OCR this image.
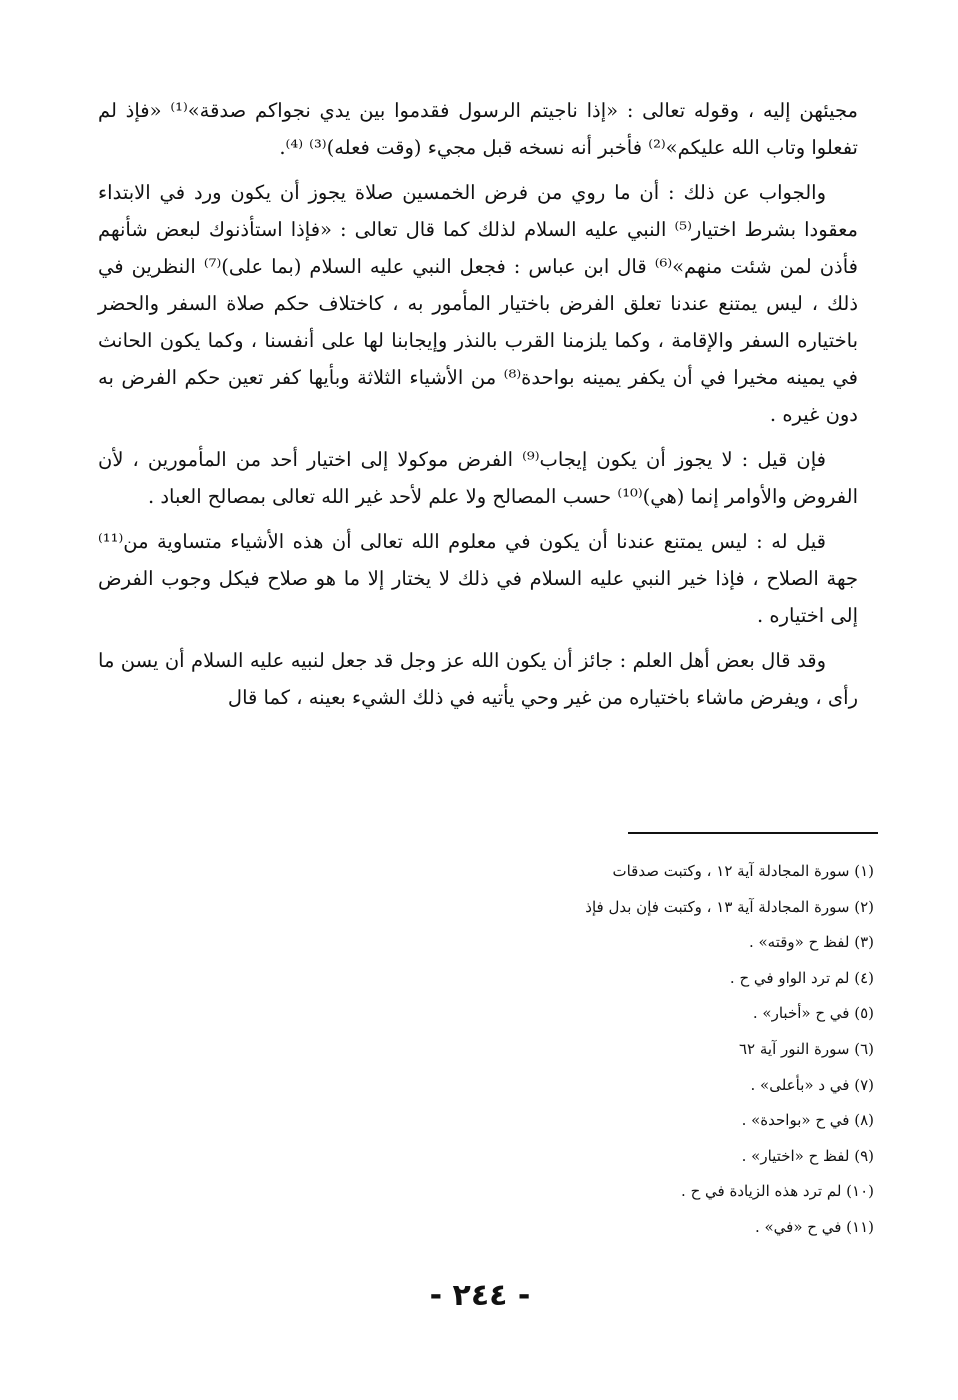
مجيئهن إليه ، وقوله تعالى : «إذا ناجيتم الرسول فقدموا بين يدي نجواكم صدقة»⁽¹⁾ «فإذ لم تفعلوا وتاب الله عليكم»⁽²⁾ فأخبر أنه نسخه قبل مجيء (وقت فعله)⁽³⁾ ⁽⁴⁾.

والجواب عن ذلك : أن ما روي من فرض الخمسين صلاة يجوز أن يكون ورد في الابتداء معقودا بشرط اختيار⁽⁵⁾ النبي عليه السلام لذلك كما قال تعالى : «فإذا استأذنوك لبعض شأنهم فأذن لمن شئت منهم»⁽⁶⁾ قال ابن عباس : فجعل النبي عليه السلام (بما على)⁽⁷⁾ النظرين في ذلك ، ليس يمتنع عندنا تعلق الفرض باختيار المأمور به ، كاختلاف حكم صلاة السفر والحضر باختياره السفر والإقامة ، وكما يلزمنا القرب بالنذر وإيجابنا لها على أنفسنا ، وكما يكون الحانث في يمينه مخيرا في أن يكفر يمينه بواحدة⁽⁸⁾ من الأشياء الثلاثة وبأيها كفر تعين حكم الفرض به دون غيره .

فإن قيل : لا يجوز أن يكون إيجاب⁽⁹⁾ الفرض موكولا إلى اختيار أحد من المأمورين ، لأن الفروض والأوامر إنما (هي)⁽¹⁰⁾ حسب المصالح ولا علم لأحد غير الله تعالى بمصالح العباد .

قيل له : ليس يمتنع عندنا أن يكون في معلوم الله تعالى أن هذه الأشياء متساوية من⁽¹¹⁾ جهة الصلاح ، فإذا خير النبي عليه السلام في ذلك لا يختار إلا ما هو صلاح فيكل وجوب الفرض إلى اختياره .

وقد قال بعض أهل العلم : جائز أن يكون الله عز وجل قد جعل لنبيه عليه السلام أن يسن ما رأى ، ويفرض ماشاء باختياره من غير وحي يأتيه في ذلك الشيء بعينه ، كما قال

(١) سورة المجادلة آية ١٢ ، وكتبت صدقات
(٢) سورة المجادلة آية ١٣ ، وكتبت فإن بدل فإذ
(٣) لفظ ح «وقته» .
(٤) لم ترد الواو في ح .
(٥) في ح «أخبار» .
(٦) سورة النور آية ٦٢
(٧) في د «بأعلى» .
(٨) في ح «بواحدة» .
(٩) لفظ ح «اختيار» .
(١٠) لم ترد هذه الزيادة في ح .
(١١) في ح «في» .
- ٢٤٤ -
